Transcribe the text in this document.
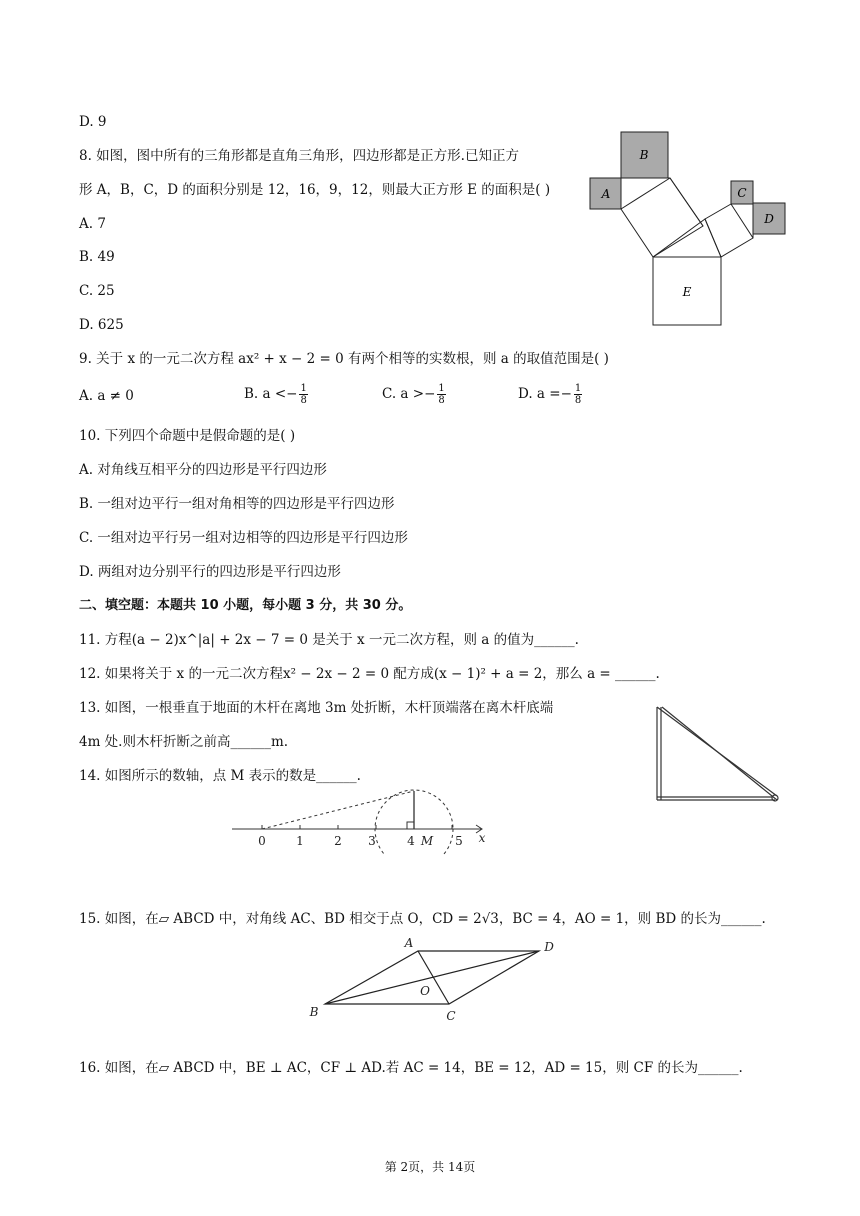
D. 9
8. 如图，图中所有的三角形都是直角三角形，四边形都是正方形.已知正方
形 A，B，C，D 的面积分别是 12，16，9，12，则最大正方形 E 的面积是( )
A. 7
B. 49
C. 25
D. 625
A
B
C
D
E
9. 关于 x 的一元二次方程 ax² + x − 2 = 0 有两个相等的实数根，则 a 的取值范围是( )
A. a ≠ 0	B. $a <- \frac{1}{8}$	C. $a >- \frac{1}{8}$	D. $a =- \frac{1}{8}$
10. 下列四个命题中是假命题的是( )
A. 对角线互相平分的四边形是平行四边形
B. 一组对边平行一组对角相等的四边形是平行四边形
C. 一组对边平行另一组对边相等的四边形是平行四边形
D. 两组对边分别平行的四边形是平行四边形
二、填空题：本题共 10 小题，每小题 3 分，共 30 分。
11. 方程(a − 2)x^|a| + 2x − 7 = 0 是关于 x 一元二次方程，则 a 的值为______.
12. 如果将关于 x 的一元二次方程x² − 2x − 2 = 0 配方成(x − 1)² + a = 2，那么 a = ______.
13. 如图，一根垂直于地面的木杆在离地 3m 处折断，木杆顶端落在离木杆底端
4m 处.则木杆折断之前高______m.
14. 如图所示的数轴，点 M 表示的数是______.
0	1	2 3	4	5
M	x
15. 如图，在▱ ABCD 中，对角线 AC、BD 相交于点 O，CD = 2√3，BC = 4，AO = 1，则 BD 的长为______.
A	D
B	C
O
16. 如图，在▱ ABCD 中，BE ⊥ AC，CF ⊥ AD.若 AC = 14，BE = 12，AD = 15，则 CF 的长为______.
第 2页，共 14页
